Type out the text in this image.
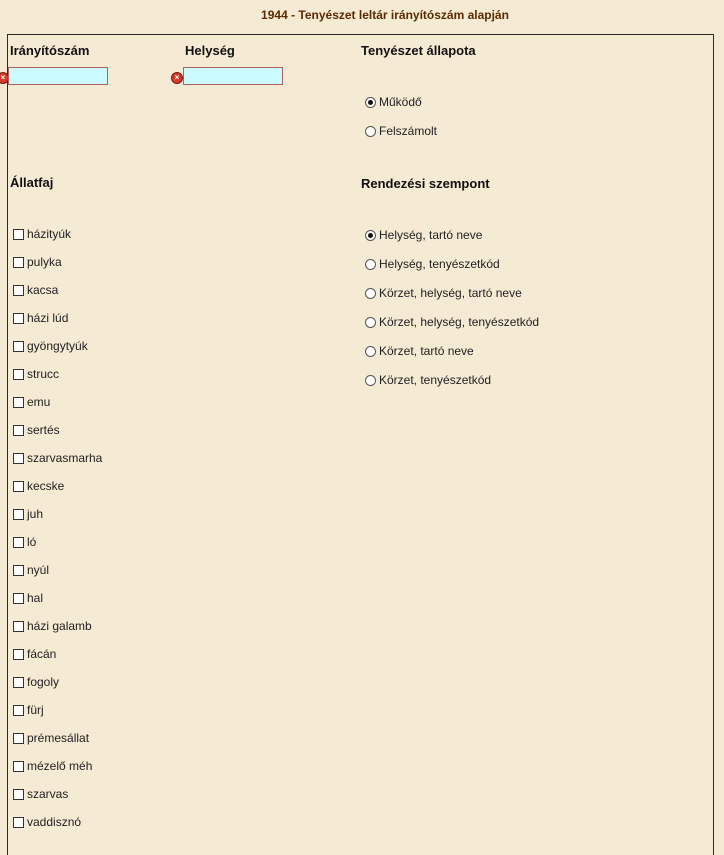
1944 - Tenyészet leltár irányítószám alapján
Irányítószám	Helység
×	×
Tenyészet állapota
Működő
Felszámolt
Állatfaj
házityúk
pulyka
kacsa
házi lúd
gyöngytyúk
strucc
emu
sertés
szarvasmarha
kecske
juh
ló
nyúl
hal
házi galamb
fácán
fogoly
fürj
prémesállat
mézelő méh
szarvas
vaddisznó
Rendezési szempont
Helység, tartó neve
Helység, tenyészetkód
Körzet, helység, tartó neve
Körzet, helység, tenyészetkód
Körzet, tartó neve
Körzet, tenyészetkód
